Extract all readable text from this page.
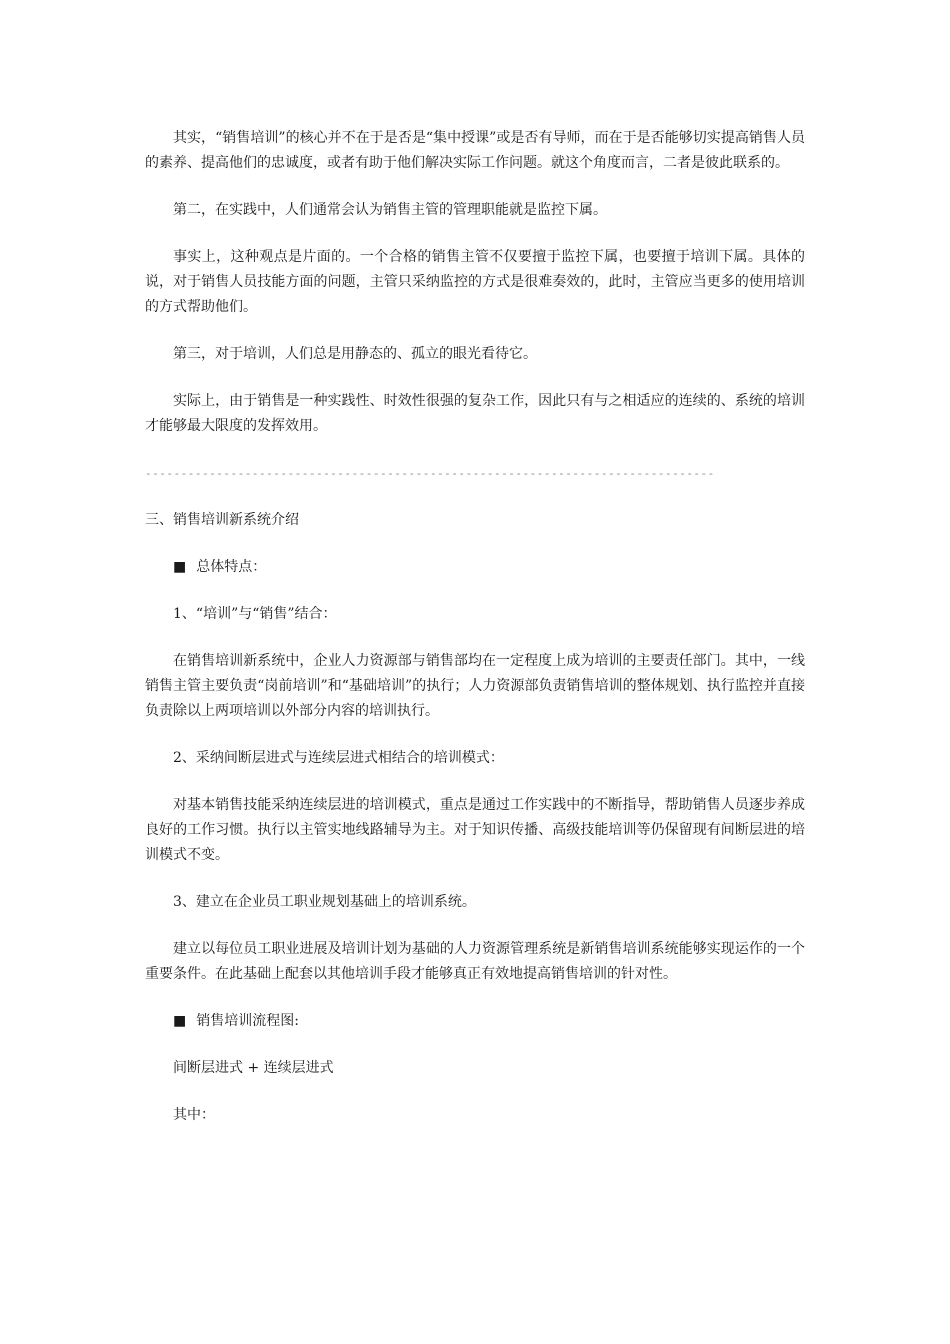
其实，“销售培训”的核心并不在于是否是“集中授课”或是否有导师，而在于是否能够切实提高销售人员的素养、提高他们的忠诚度，或者有助于他们解决实际工作问题。就这个角度而言，二者是彼此联系的。

第二，在实践中，人们通常会认为销售主管的管理职能就是监控下属。

事实上，这种观点是片面的。一个合格的销售主管不仅要擅于监控下属，也要擅于培训下属。具体的说，对于销售人员技能方面的问题，主管只采纳监控的方式是很难奏效的，此时，主管应当更多的使用培训的方式帮助他们。

第三，对于培训，人们总是用静态的、孤立的眼光看待它。

实际上，由于销售是一种实践性、时效性很强的复杂工作，因此只有与之相适应的连续的、系统的培训才能够最大限度的发挥效用。

--------------------------------------------------------------------------------

三、销售培训新系统介绍

■ 总体特点：

1、“培训”与“销售”结合：

在销售培训新系统中，企业人力资源部与销售部均在一定程度上成为培训的主要责任部门。其中，一线销售主管主要负责“岗前培训”和“基础培训”的执行；人力资源部负责销售培训的整体规划、执行监控并直接负责除以上两项培训以外部分内容的培训执行。

2、采纳间断层进式与连续层进式相结合的培训模式：

对基本销售技能采纳连续层进的培训模式，重点是通过工作实践中的不断指导，帮助销售人员逐步养成良好的工作习惯。执行以主管实地线路辅导为主。对于知识传播、高级技能培训等仍保留现有间断层进的培训模式不变。

3、建立在企业员工职业规划基础上的培训系统。

建立以每位员工职业进展及培训计划为基础的人力资源管理系统是新销售培训系统能够实现运作的一个重要条件。在此基础上配套以其他培训手段才能够真正有效地提高销售培训的针对性。

■ 销售培训流程图:

间断层进式 + 连续层进式

其中：
